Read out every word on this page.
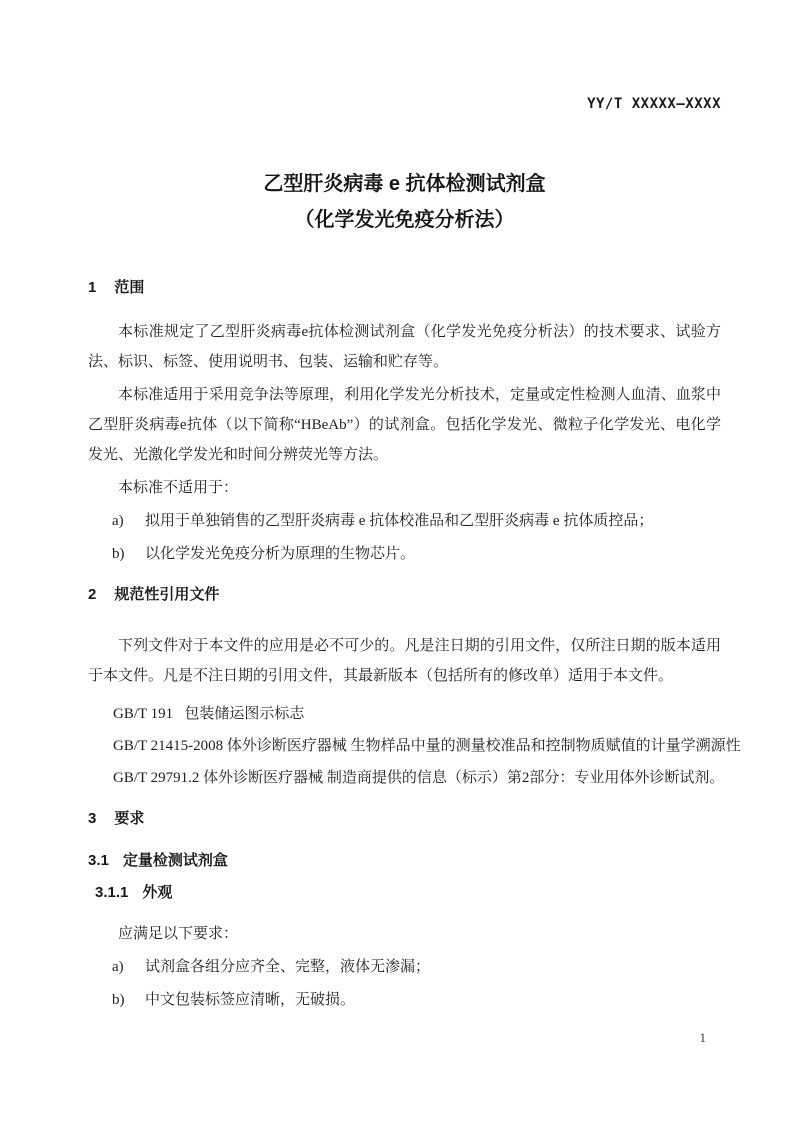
YY/T XXXXX—XXXX
乙型肝炎病毒 e 抗体检测试剂盒
（化学发光免疫分析法）
1 范围

本标准规定了乙型肝炎病毒e抗体检测试剂盒（化学发光免疫分析法）的技术要求、试验方法、标识、标签、使用说明书、包装、运输和贮存等。

本标准适用于采用竞争法等原理，利用化学发光分析技术，定量或定性检测人血清、血浆中乙型肝炎病毒e抗体（以下简称“HBeAb”）的试剂盒。包括化学发光、微粒子化学发光、电化学发光、光激化学发光和时间分辨荧光等方法。

本标准不适用于：

a)	拟用于单独销售的乙型肝炎病毒 e 抗体校准品和乙型肝炎病毒 e 抗体质控品；
b)	以化学发光免疫分析为原理的生物芯片。
2 规范性引用文件

下列文件对于本文件的应用是必不可少的。凡是注日期的引用文件，仅所注日期的版本适用于本文件。凡是不注日期的引用文件，其最新版本（包括所有的修改单）适用于本文件。

GB/T 191   包装储运图示标志
GB/T 21415-2008 体外诊断医疗器械 生物样品中量的测量校准品和控制物质赋值的计量学溯源性
GB/T 29791.2 体外诊断医疗器械 制造商提供的信息（标示）第2部分：专业用体外诊断试剂。
3 要求
3.1 定量检测试剂盒
3.1.1 外观

应满足以下要求：

a)	试剂盒各组分应齐全、完整，液体无渗漏；
b)	中文包装标签应清晰，无破损。
1
